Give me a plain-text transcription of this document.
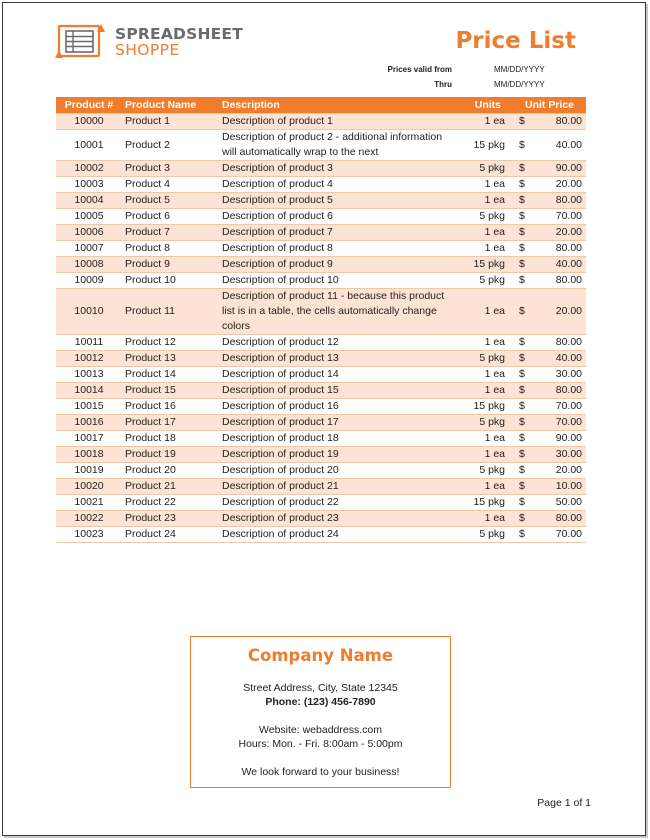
SPREADSHEET
SHOPPE	Price List
Prices valid from	MM/DD/YYYY
Thru	MM/DD/YYYY
Product #	Product Name	Description	Units	Unit Price	
10000	Product 1	Description of product 1	1 ea	$	80.00
10001	Product 2	Description of product 2 - additional information will automatically wrap to the next	15 pkg	$	40.00
10002	Product 3	Description of product 3	5 pkg	$	90.00
10003	Product 4	Description of product 4	1 ea	$	20.00
10004	Product 5	Description of product 5	1 ea	$	80.00
10005	Product 6	Description of product 6	5 pkg	$	70.00
10006	Product 7	Description of product 7	1 ea	$	20.00
10007	Product 8	Description of product 8	1 ea	$	80.00
10008	Product 9	Description of product 9	15 pkg	$	40.00
10009	Product 10	Description of product 10	5 pkg	$	80.00
10010	Product 11	Description of product 11 - because this product list is in a table, the cells automatically change colors	1 ea	$	20.00
10011	Product 12	Description of product 12	1 ea	$	80.00
10012	Product 13	Description of product 13	5 pkg	$	40.00
10013	Product 14	Description of product 14	1 ea	$	30.00
10014	Product 15	Description of product 15	1 ea	$	80.00
10015	Product 16	Description of product 16	15 pkg	$	70.00
10016	Product 17	Description of product 17	5 pkg	$	70.00
10017	Product 18	Description of product 18	1 ea	$	90.00
10018	Product 19	Description of product 19	1 ea	$	30.00
10019	Product 20	Description of product 20	5 pkg	$	20.00
10020	Product 21	Description of product 21	1 ea	$	10.00
10021	Product 22	Description of product 22	15 pkg	$	50.00
10022	Product 23	Description of product 23	1 ea	$	80.00
10023	Product 24	Description of product 24	5 pkg	$	70.00
Company Name
Street Address, City, State 12345
Phone: (123) 456-7890
Website: webaddress.com
Hours: Mon. - Fri. 8:00am - 5:00pm
We look forward to your business!
Page 1 of 1
